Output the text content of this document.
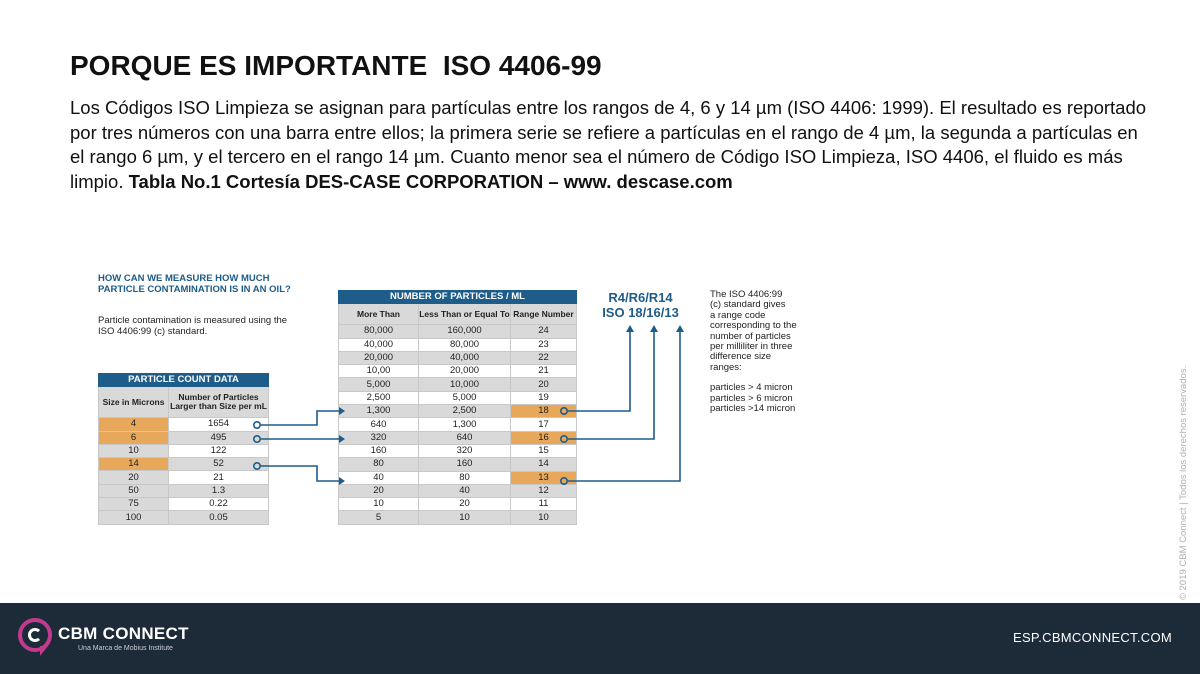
PORQUE ES IMPORTANTE  ISO 4406-99
Los Códigos ISO Limpieza se asignan para partículas entre los rangos de 4, 6 y 14 µm (ISO 4406: 1999). El resultado es reportado por tres números con una barra entre ellos; la primera serie se refiere a partículas en el rango de 4 µm, la segunda a partículas en el rango 6 µm, y el tercero en el rango 14 µm. Cuanto menor sea el número de Código ISO Limpieza, ISO 4406, el fluido es más limpio. Tabla No.1 Cortesía DES-CASE CORPORATION – www. descase.com
HOW CAN WE MEASURE HOW MUCH PARTICLE CONTAMINATION IS IN AN OIL?
Particle contamination is measured using the ISO 4406:99 (c) standard.
PARTICLE COUNT DATA	
Size in Microns	Number of Particles Larger than Size per mL
4	1654
6	495
10	122
14	52
20	21
50	1.3
75	0.22
100	0.05
NUMBER OF PARTICLES / ML		
More Than	Less Than or Equal To	Range Number
80,000	160,000	24
40,000	80,000	23
20,000	40,000	22
10,00	20,000	21
5,000	10,000	20
2,500	5,000	19
1,300	2,500	18
640	1,300	17
320	640	16
160	320	15
80	160	14
40	80	13
20	40	12
10	20	11
5	10	10
R4/R6/R14
ISO 18/16/13
The ISO 4406:99
(c) standard gives
a range code
corresponding to the
number of particles
per milliliter in three
difference size
ranges:
particles > 4 micron
particles > 6 micron
particles >14 micron	© 2019 CBM Connect | Todos los derechos reservados.
CBM CONNECT
Una Marca de Mobius Institute
ESP.CBMCONNECT.COM
